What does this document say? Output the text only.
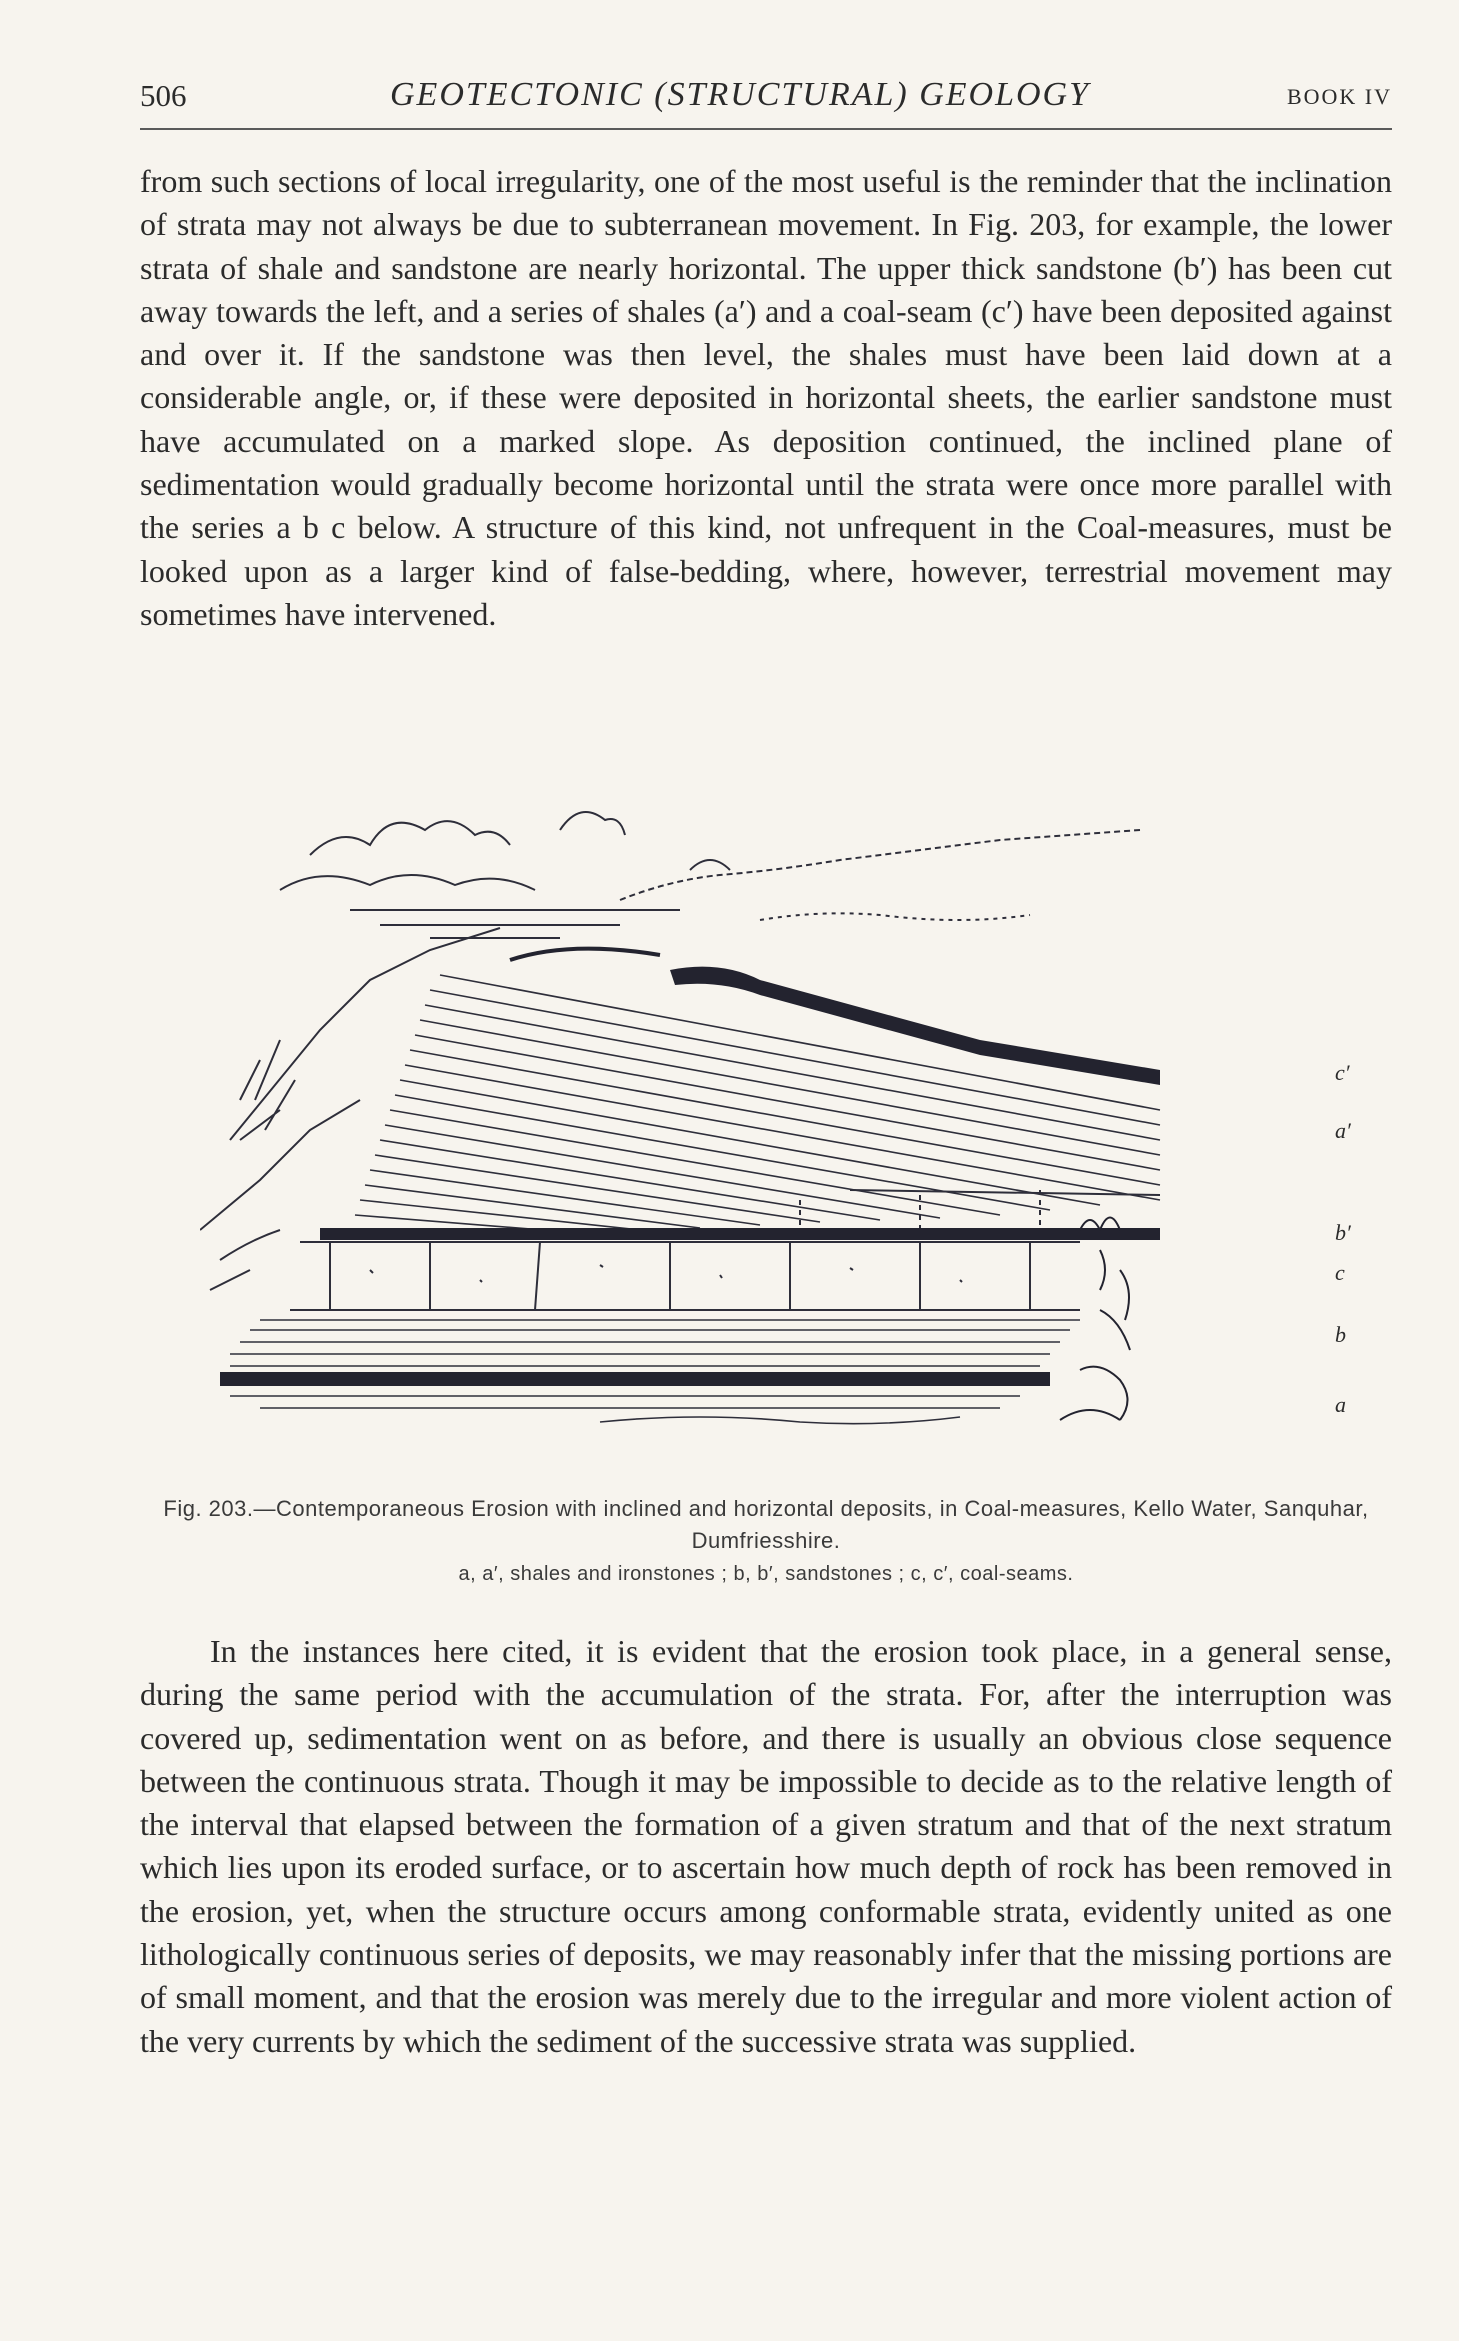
506	GEOTECTONIC (STRUCTURAL) GEOLOGY	BOOK IV

from such sections of local irregularity, one of the most useful is the reminder that the inclination of strata may not always be due to subterranean movement. In Fig. 203, for example, the lower strata of shale and sandstone are nearly horizontal. The upper thick sandstone (b′) has been cut away towards the left, and a series of shales (a′) and a coal-seam (c′) have been deposited against and over it. If the sandstone was then level, the shales must have been laid down at a considerable angle, or, if these were deposited in horizontal sheets, the earlier sandstone must have accumulated on a marked slope. As deposition continued, the inclined plane of sedimentation would gradually become horizontal until the strata were once more parallel with the series a b c below. A structure of this kind, not unfrequent in the Coal-measures, must be looked upon as a larger kind of false-bedding, where, however, terrestrial movement may sometimes have intervened.

c′
a′
b′
c
b
a
Fig. 203.—Contemporaneous Erosion with inclined and horizontal deposits, in Coal-measures, Kello Water, Sanquhar, Dumfriesshire.
a, a′, shales and ironstones ; b, b′, sandstones ; c, c′, coal-seams.

In the instances here cited, it is evident that the erosion took place, in a general sense, during the same period with the accumulation of the strata. For, after the interruption was covered up, sedimentation went on as before, and there is usually an obvious close sequence between the continuous strata. Though it may be impossible to decide as to the relative length of the interval that elapsed between the formation of a given stratum and that of the next stratum which lies upon its eroded surface, or to ascertain how much depth of rock has been removed in the erosion, yet, when the structure occurs among conformable strata, evidently united as one lithologically continuous series of deposits, we may reasonably infer that the missing portions are of small moment, and that the erosion was merely due to the irregular and more violent action of the very currents by which the sediment of the successive strata was supplied.
